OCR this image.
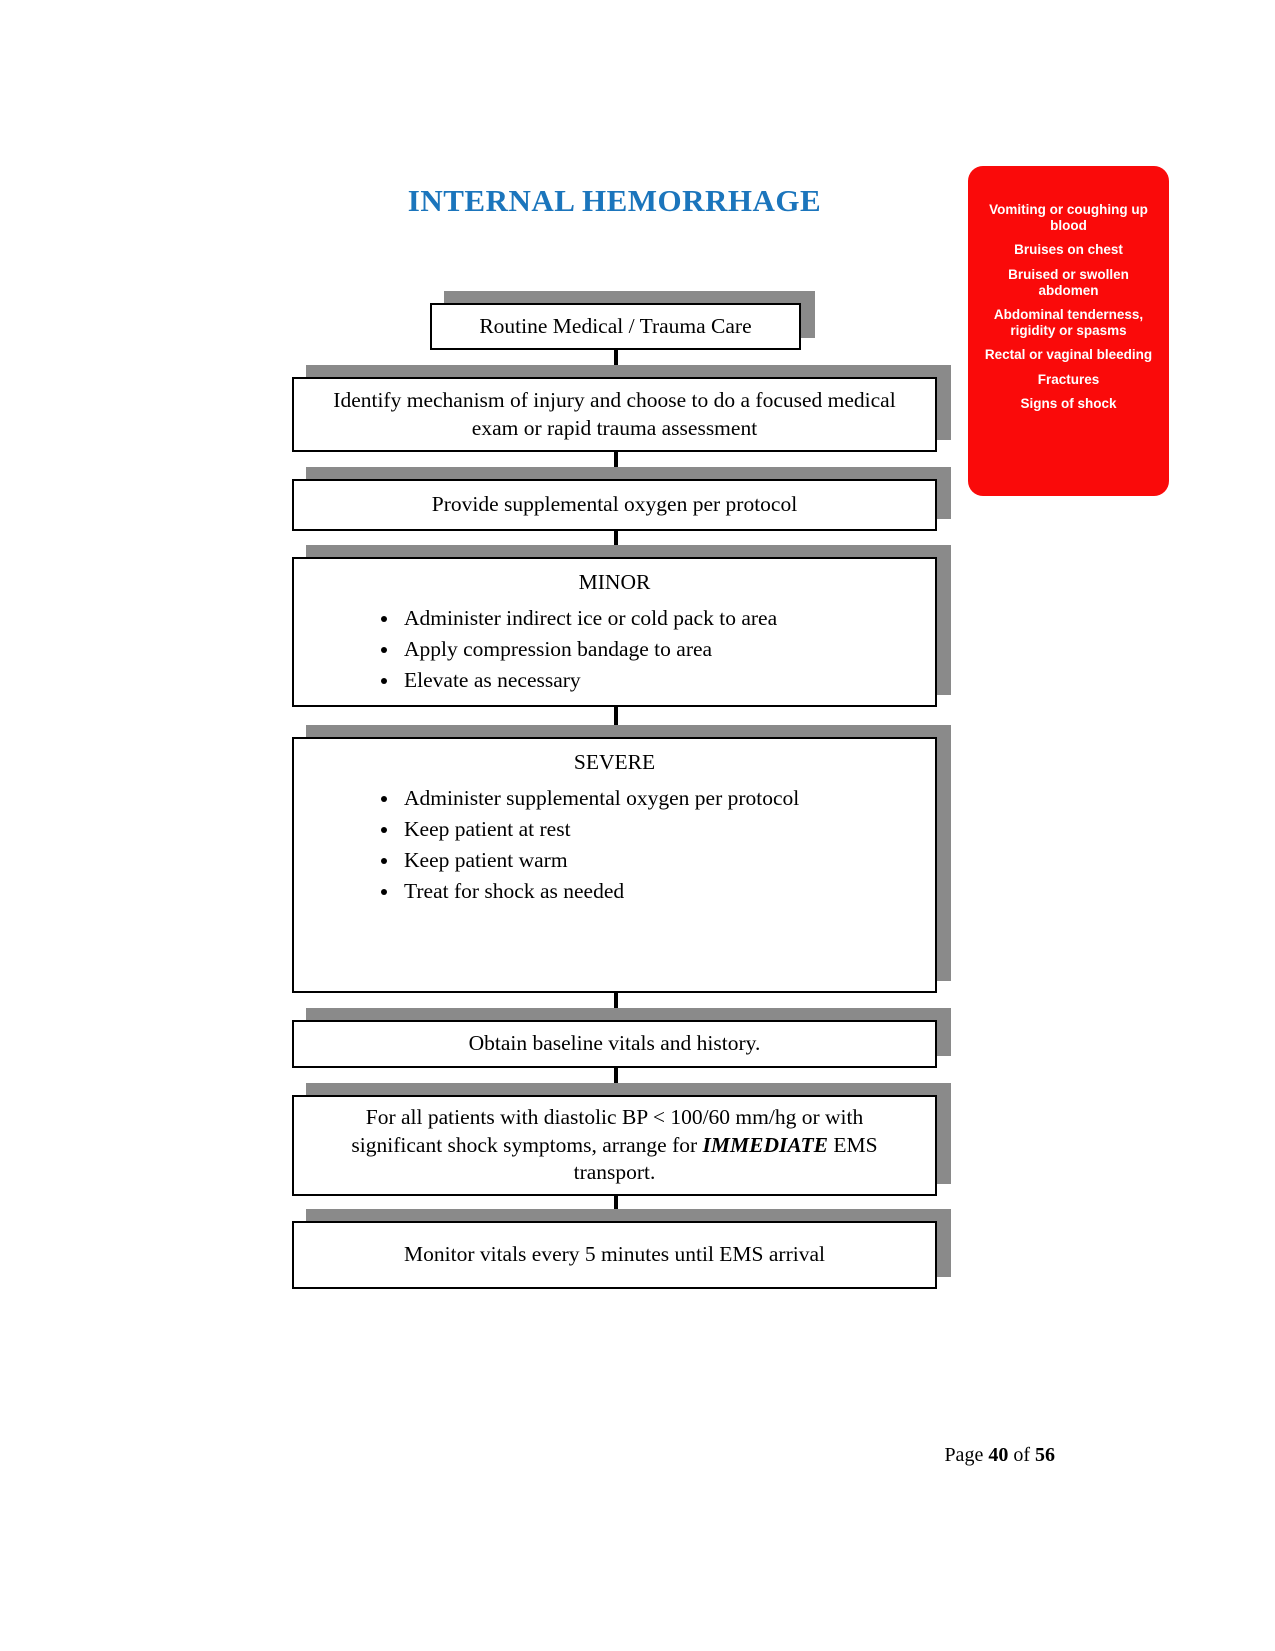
INTERNAL HEMORRHAGE	Vomiting or coughing up blood
Bruises on chest
Bruised or swollen abdomen
Abdominal tenderness, rigidity or spasms
Rectal or vaginal bleeding
Fractures
Signs of shock
Routine Medical / Trauma Care
Identify mechanism of injury and choose to do a focused medical exam or rapid trauma assessment
Provide supplemental oxygen per protocol
MINOR
• Administer indirect ice or cold pack to area
• Apply compression bandage to area
• Elevate as necessary
SEVERE
• Administer supplemental oxygen per protocol
• Keep patient at rest
• Keep patient warm
• Treat for shock as needed
Obtain baseline vitals and history.
For all patients with diastolic BP < 100/60 mm/hg or with significant shock symptoms, arrange for IMMEDIATE EMS transport.
Monitor vitals every 5 minutes until EMS arrival
Page 40 of 56
